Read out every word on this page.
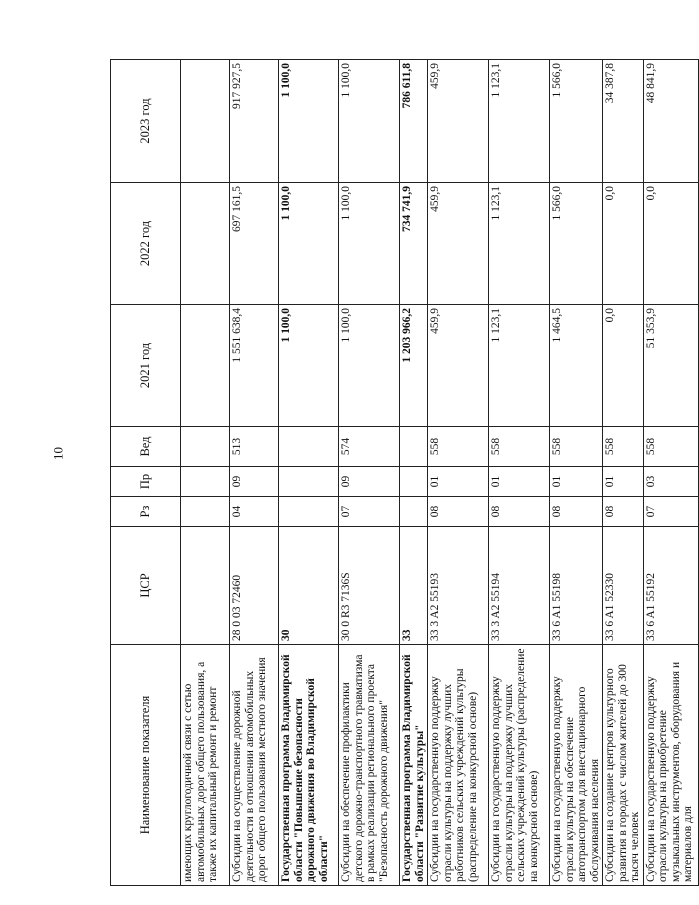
10
Наименование показателя	ЦСР	Рз	Пр	Вед	2021 год	2022 год	2023 год
имеющих круглогодичной связи с сетью автомобильных дорог общего пользования, а также их капитальный ремонт и ремонт							
Субсидии на осуществление дорожной деятельности в отношении автомобильных дорог общего пользования местного значения	28 0 03 72460	04	09	513	1 551 638,4	697 161,5	917 927,5
Государственная программа Владимирской области "Повышение безопасности дорожного движения во Владимирской области"	30				1 100,0	1 100,0	1 100,0
Субсидии на обеспечение профилактики детского дорожно-транспортного травматизма в рамках реализации регионального проекта "Безопасность дорожного движения"	30 0 R3 7136S	07	09	574	1 100,0	1 100,0	1 100,0
Государственная программа Владимирской области "Развитие культуры"	33				1 203 966,2	734 741,9	786 611,8
Субсидии на государственную поддержку отрасли культуры на поддержку лучших работников сельских учреждений культуры (распределение на конкурсной основе)	33 3 A2 55193	08	01	558	459,9	459,9	459,9
Субсидии на государственную поддержку отрасли культуры на поддержку лучших сельских учреждений культуры (распределение на конкурсной основе)	33 3 A2 55194	08	01	558	1 123,1	1 123,1	1 123,1
Субсидии на государственную поддержку отрасли культуры на обеспечение автотранспортом для внестационарного обслуживания населения	33 6 A1 55198	08	01	558	1 464,5	1 566,0	1 566,0
Субсидии на создание центров культурного развития в городах с числом жителей до 300 тысяч человек	33 6 A1 52330	08	01	558	0,0	0,0	34 387,8
Субсидии на государственную поддержку отрасли культуры на приобретение музыкальных инструментов, оборудования и материалов для	33 6 A1 55192	07	03	558	51 353,9	0,0	48 841,9
